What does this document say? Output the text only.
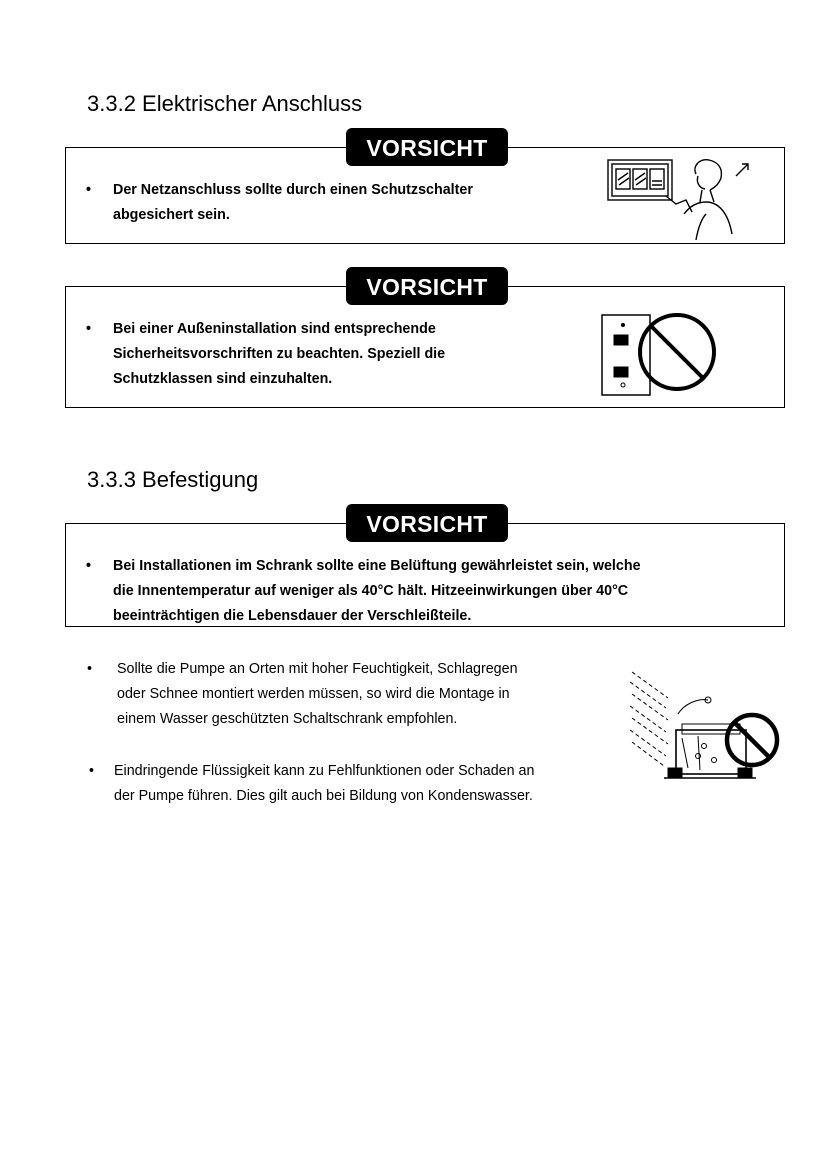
3.3.2 Elektrischer Anschluss
VORSICHT
• Der Netzanschluss sollte durch einen Schutzschalter
abgesichert sein.
VORSICHT
• Bei einer Außeninstallation sind entsprechende
Sicherheitsvorschriften zu beachten. Speziell die
Schutzklassen sind einzuhalten.
3.3.3 Befestigung
VORSICHT
• Bei Installationen im Schrank sollte eine Belüftung gewährleistet sein, welche
die Innentemperatur auf weniger als 40°C hält. Hitzeeinwirkungen über 40°C
beeinträchtigen die Lebensdauer der Verschleißteile.
• Sollte die Pumpe an Orten mit hoher Feuchtigkeit, Schlagregen
oder Schnee montiert werden müssen, so wird die Montage in
einem Wasser geschützten Schaltschrank empfohlen.
• Eindringende Flüssigkeit kann zu Fehlfunktionen oder Schaden an
der Pumpe führen. Dies gilt auch bei Bildung von Kondenswasser.
